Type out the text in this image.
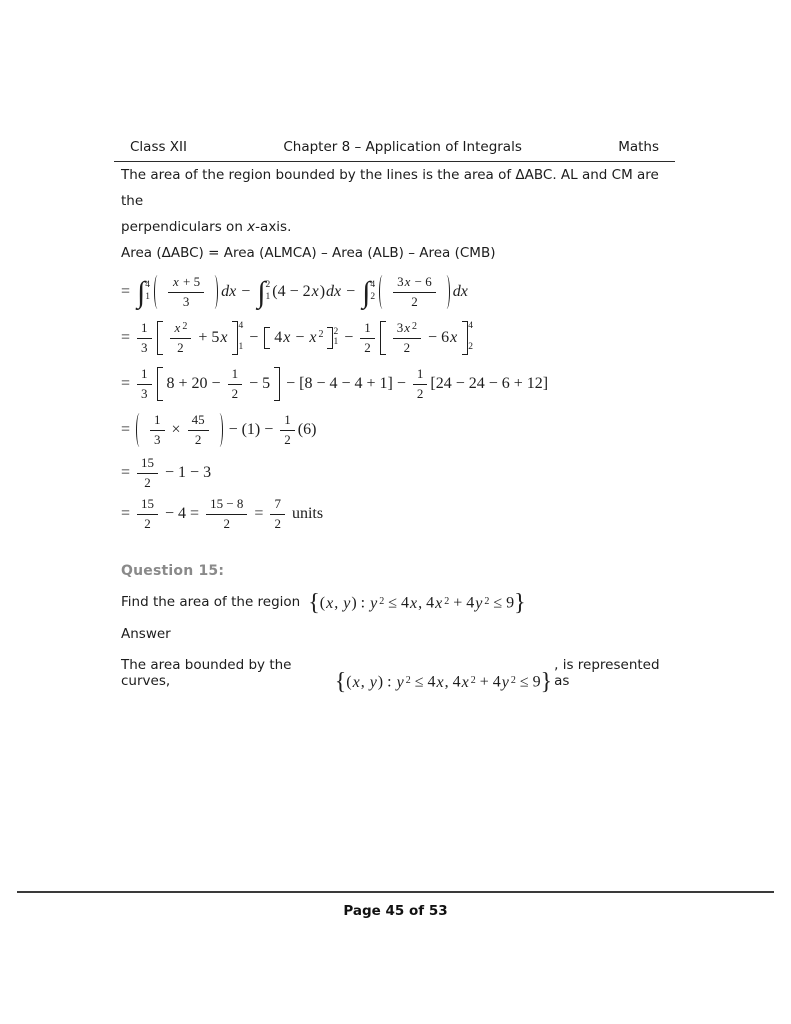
Class XII	Chapter 8 – Application of Integrals	Maths

The area of the region bounded by the lines is the area of ΔABC. AL and CM are the

perpendiculars on x-axis.

Area (ΔABC) = Area (ALMCA) – Area (ALB) – Area (CMB)

= ∫ 4
$1 \frac{x + 5}{3}$ dx − ∫ 2
1 (4 − 2 x ) dx − ∫ 4
$2 \frac{3 x - 6}{2}$ dx
= $\frac{1}{3} \frac{x 2}{2} + 5$ x
4
1
− 4 x − x 2 2
$1 - \frac{1}{2} \frac{3 x 2}{2} - 6$ x
4
2
= $\frac{1}{3} 8 + 20 - \frac{1}{2} - 5 - [8 - 4 - 4 + 1] - \frac{1}{2} [24 - 24 - 6 + 12]$
= $\frac{1}{3} \times \frac{45}{2} - (1) - \frac{1}{2} (6)$
= $\frac{15}{2} - 1 - 3$
= $\frac{15}{2} - 4 = \frac{15 - 8}{2} = \frac{7}{2}$ units
Question 15:
Find the area of the region {(x, y) : y $^2$ ≤ 4x, 4x $^2$ + 4y $^2$ ≤ 9}

Answer

The area bounded by the curves,	{(x, y) : y $^2$ ≤ 4x, 4x $^2$ + 4y $^2$ ≤ 9}
, is represented as
Page 45 of 53
